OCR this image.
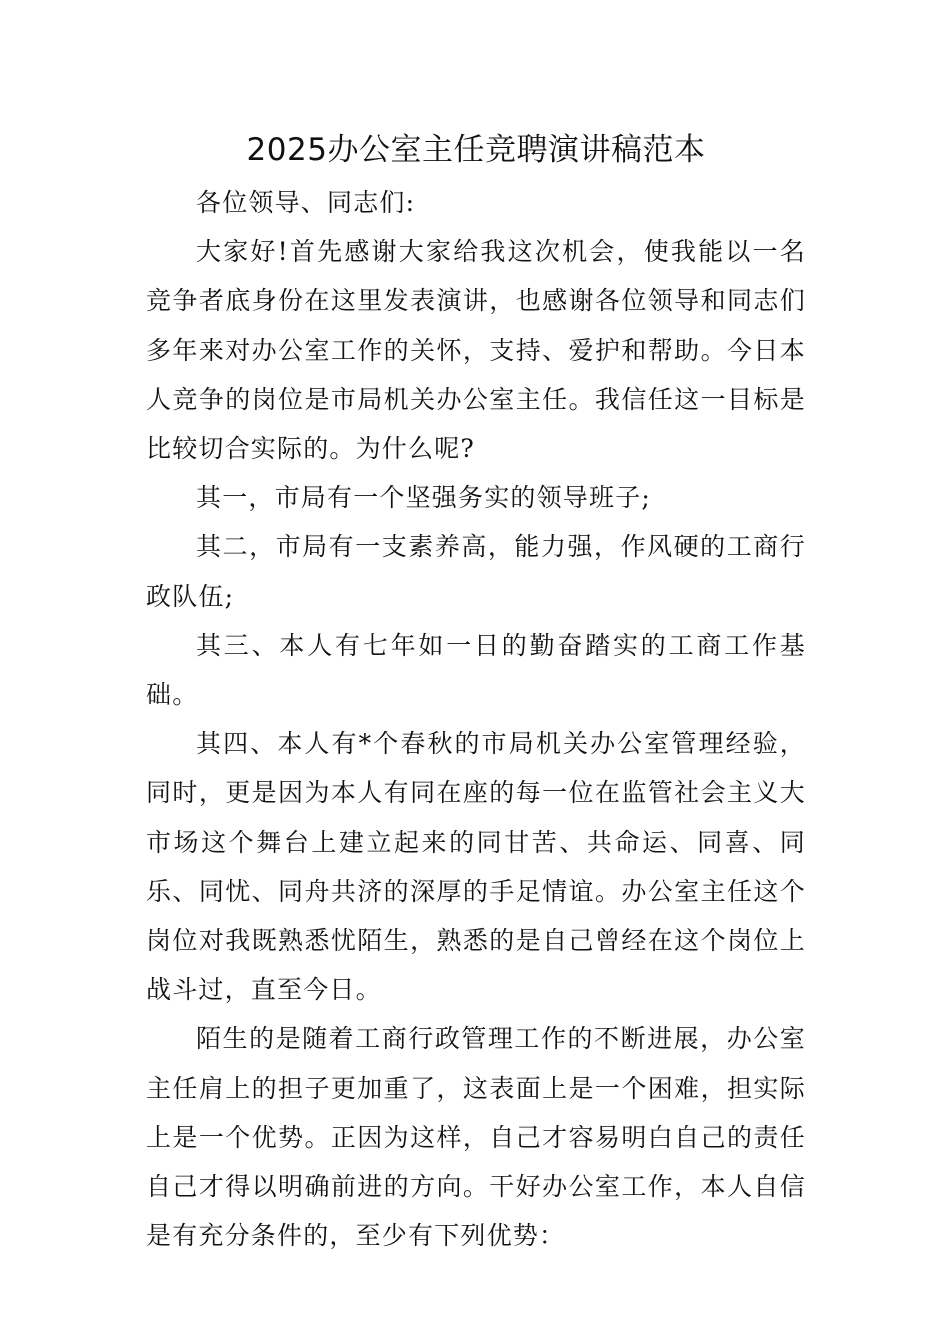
2025办公室主任竞聘演讲稿范本

各位领导、同志们:

大家好!首先感谢大家给我这次机会，使我能以一名竞争者底身份在这里发表演讲，也感谢各位领导和同志们多年来对办公室工作的关怀，支持、爱护和帮助。今日本人竞争的岗位是市局机关办公室主任。我信任这一目标是比较切合实际的。为什么呢?

其一，市局有一个坚强务实的领导班子;

其二，市局有一支素养高，能力强，作风硬的工商行政队伍;

其三、本人有七年如一日的勤奋踏实的工商工作基础。

其四、本人有*个春秋的市局机关办公室管理经验，同时，更是因为本人有同在座的每一位在监管社会主义大市场这个舞台上建立起来的同甘苦、共命运、同喜、同乐、同忧、同舟共济的深厚的手足情谊。办公室主任这个岗位对我既熟悉忧陌生，熟悉的是自己曾经在这个岗位上战斗过，直至今日。

陌生的是随着工商行政管理工作的不断进展，办公室主任肩上的担子更加重了，这表面上是一个困难，担实际上是一个优势。正因为这样，自己才容易明白自己的责任自己才得以明确前进的方向。干好办公室工作，本人自信是有充分条件的，至少有下列优势：
